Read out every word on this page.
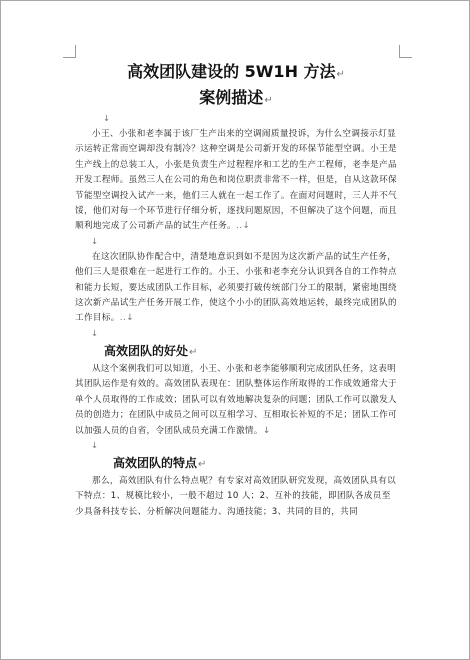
高效团队建设的 5W1H 方法↵
案例描述↵
↓

小王、小张和老李属于该厂生产出来的空调闹质量投诉，为什么空调接示灯显示运转正常而空调却没有制冷？这种空调是公司新开发的环保节能型空调。小王是生产线上的总装工人，小张是负责生产过程程序和工艺的生产工程师，老李是产品开发工程师。虽然三人在公司的角色和岗位职责非常不一样，但是，自从这款环保节能型空调投入试产一来，他们三人就在一起工作了。在面对问题时，三人并不气馁，他们对每一个环节进行仔细分析，逐找问题原因，不但解决了这个问题，而且顺利地完成了公司新产品的试生产任务。..↓

↓

在这次团队协作配合中，清楚地意识到如不是因为这次新产品的试生产任务，他们三人是很难在一起进行工作的。小王、小张和老李充分认识到各自的工作特点和能力长短，要达成团队工作目标，必须要打破传统部门分工的限制，紧密地围绕这次新产品试生产任务开展工作，使这个小小的团队高效地运转，最终完成团队的工作目标。..↓

↓
高效团队的好处↵

从这个案例我们可以知道，小王、小张和老李能够顺利完成团队任务，这表明其团队运作是有效的。高效团队表现在：团队整体运作所取得的工作成效通常大于单个人员取得的工作成效；团队可以有效地解决复杂的问题；团队工作可以激发人员的创造力；在团队中成员之间可以互相学习、互相取长补短的不足；团队工作可以加强人员的自省，令团队成员充满工作激情。↓

↓
高效团队的特点↵

那么，高效团队有什么特点呢？有专家对高效团队研究发现，高效团队具有以下特点：1、规模比较小，一般不超过 10 人；2、互补的技能，即团队各成员至少具备科技专长、分析解决问题能力、沟通技能；3、共同的目的，共同
